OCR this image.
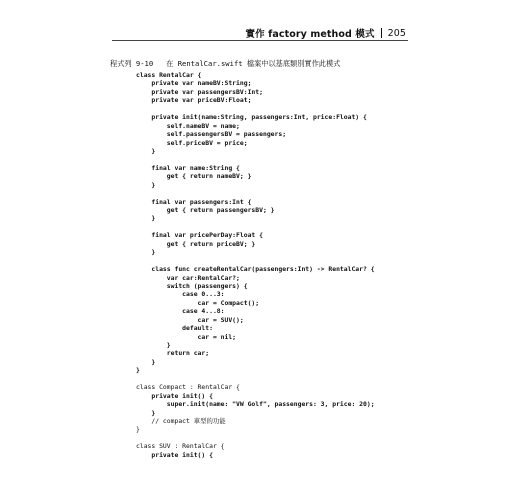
實作 factory method 模式 205
程式列 9-10   在 RentalCar.swift 檔案中以基底類別實作此模式
class RentalCar {
private var nameBV:String;
private var passengersBV:Int;
private var priceBV:Float;
private init(name:String, passengers:Int, price:Float) {
self.nameBV = name;
self.passengersBV = passengers;
self.priceBV = price;
}
final var name:String {
get { return nameBV; }
}
final var passengers:Int {
get { return passengersBV; }
}
final var pricePerDay:Float {
get { return priceBV; }
}
class func createRentalCar(passengers:Int) -> RentalCar? {
var car:RentalCar?;
switch (passengers) {
case 0...3:
car = Compact();
case 4...8:
car = SUV();
default:
car = nil;
}
return car;
}
}
class Compact : RentalCar {
private init() {
super.init(name: "VW Golf", passengers: 3, price: 20);
}
// compact 車型的功能
}
class SUV : RentalCar {
private init() {
